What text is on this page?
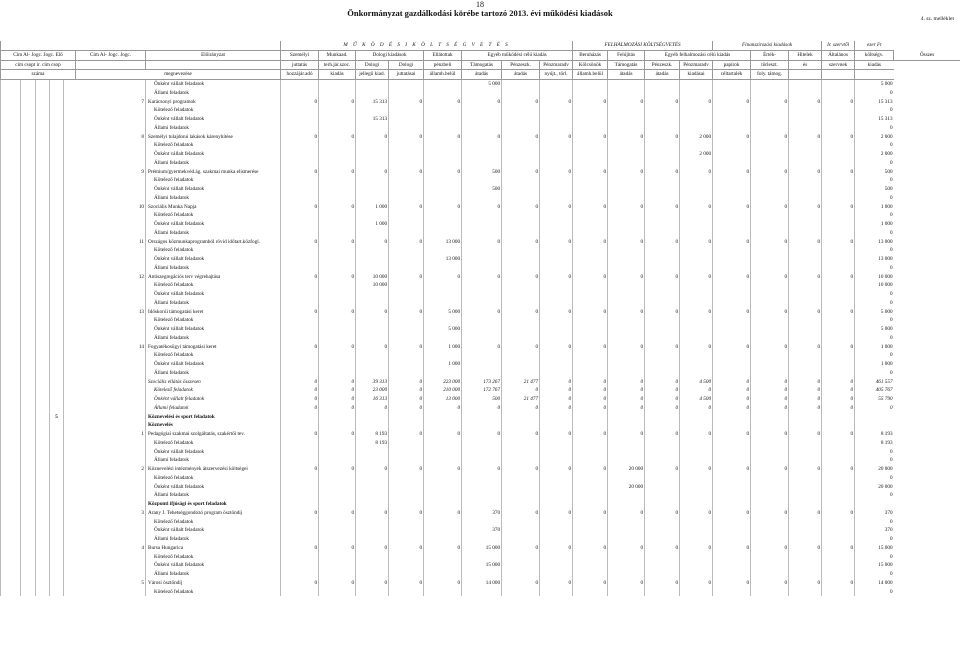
18
4. sz. melléklet
Önkormányzat gazdálkodási körébe tartozó 2013. évi működési kiadások
							M Ű K Ö D É S I K Ö L T S É G V E T É S								FELHALMOZÁSI KÖLTSÉGVETÉS				Finanszírozási kiadások			Ir. szervtől	ezer Ft	
Cím Al- Jogc. Jogc. Elő					Cím Al- Jogc. Jogc.	Előirányzat	Személyi	Munkaad.	Dologi kiadások		Ellátottak	Egyéb működési célú kiadás			Beruházás	Felújítás	Egyéb felhalmozási célú kiadás			Érték-	Hitelek	Általános	költségv.	Összes
cím csopt ir. cím csop							juttatás	terh.jár.szoc.	Dologi	Dologi	pénzbeli	Támogatás	Pénzeszk.	Pénzmaradv	Kölcsönök	Támogatás	Pénzeszk.	Pénzmaradv	papírok	törleszt.	és	szervnek	kiadás	
száma					megnevezése		hozzájár.adó	kiadás	jellegű kiad.	juttatásai	államh.belül	átadás	átadás	nyújt., törl.	államh.belül	átadás	átadás	kiadásai	céltartalék	foly. támog.				
						Önként vállalt feladatok						5 000											5 000	
						Állami feladatok																	0	
				7		Karácsonyi programok	0	0	15 313	0	0	0	0	0	0	0	0	0	0	0	0	0	15 313	
						Kötelező feladatok																	0	
						Önként vállalt feladatok			15 313														15 313	
						Állami feladatok																	0	
				8		Személyi tulajdonú lakások kárenyhítése	0	0	0	0	0	0	0	0	0	0	0	2 000	0	0	0	0	2 000	
						Kötelező feladatok																	0	
						Önként vállalt feladatok												2 000					2 000	
						Állami feladatok																	0	
				9		Prémium/gyermekvéd.ág. szakmai munka elismerése	0	0	0	0	0	500	0	0	0	0	0	0	0	0	0	0	500	
						Kötelező feladatok																	0	
						Önként vállalt feladatok						500											500	
						Állami feladatok																	0	
				10		Szociális Munka Napja	0	0	1 000	0	0	0	0	0	0	0	0	0	0	0	0	0	1 000	
						Kötelező feladatok																	0	
						Önként vállalt feladatok			1 000														1 000	
						Állami feladatok																	0	
				11		Országos közmunkaprogramból rövid időtart.közfogl.	0	0	0	0	13 000	0	0	0	0	0	0	0	0	0	0	0	13 000	
						Kötelező feladatok																	0	
						Önként vállalt feladatok					13 000												13 000	
						Állami feladatok																	0	
				12		Antiszegregációs terv végrehajtása	0	0	10 000	0	0	0	0	0	0	0	0	0	0	0	0	0	10 000	
						Kötelező feladatok			10 000														10 000	
						Önként vállalt feladatok																	0	
						Állami feladatok																	0	
				13		Időskorúi támogatási keret	0	0	0	0	5 000	0	0	0	0	0	0	0	0	0	0	0	5 000	
						Kötelező feladatok																	0	
						Önként vállalt feladatok					5 000												5 000	
						Állami feladatok																	0	
				14		Fogyatékosügyi támogatási keret	0	0	0	0	1 000	0	0	0	0	0	0	0	0	0	0	0	1 000	
						Kötelező feladatok																	0	
						Önként vállalt feladatok					1 000												1 000	
						Állami feladatok																	0	
						Szociális ellátás összesen	0	0	39 313	0	223 000	173 267	21 477	0	0	0	0	4 500	0	0	0	0	461 557	
						Kötelező feladatok	0	0	23 000	0	210 000	172 767	0	0	0	0	0	0	0	0	0	0	405 767	
						Önként vállalt feladatok	0	0	16 313	0	13 000	500	21 477	0	0	0	0	4 500	0	0	0	0	55 790	
						Állami feladatok	0	0	0	0	0	0	0	0	0	0	0	0	0	0	0	0	0	
			5			Köznevelési és sport feladatok																		
						Köznevelés																		
				1		Pedagógiai szakmai szolgáltatás, szakértői tev.	0	0	8 193	0	0	0	0	0	0	0	0	0	0	0	0	0	8 193	
						Kötelező feladatok			8 193														8 193	
						Önként vállalt feladatok																	0	
						Állami feladatok																	0	
				2		Köznevelési intézmények átszervezési költségei	0	0	0	0	0	0	0	0	0	20 000	0	0	0	0	0	0	20 000	
						Kötelező feladatok																	0	
						Önként vállalt feladatok										20 000							20 000	
						Állami feladatok																	0	
						Központi ifjúsági és sport feladatok																		
				3		Arany J. Tehetséggondozó program ösztöndíj	0	0	0	0	0	370	0	0	0	0	0	0	0	0	0	0	370	
						Kötelező feladatok																	0	
						Önként vállalt feladatok						370											370	
						Állami feladatok																	0	
				4		Bursa Hungarica	0	0	0	0	0	15 000	0	0	0	0	0	0	0	0	0	0	15 000	
						Kötelező feladatok																	0	
						Önként vállalt feladatok						15 000											15 000	
						Állami feladatok																	0	
				5		Városi ösztöndíj	0	0	0	0	0	14 000	0	0	0	0	0	0	0	0	0	0	14 000	
						Kötelező feladatok																	0	
